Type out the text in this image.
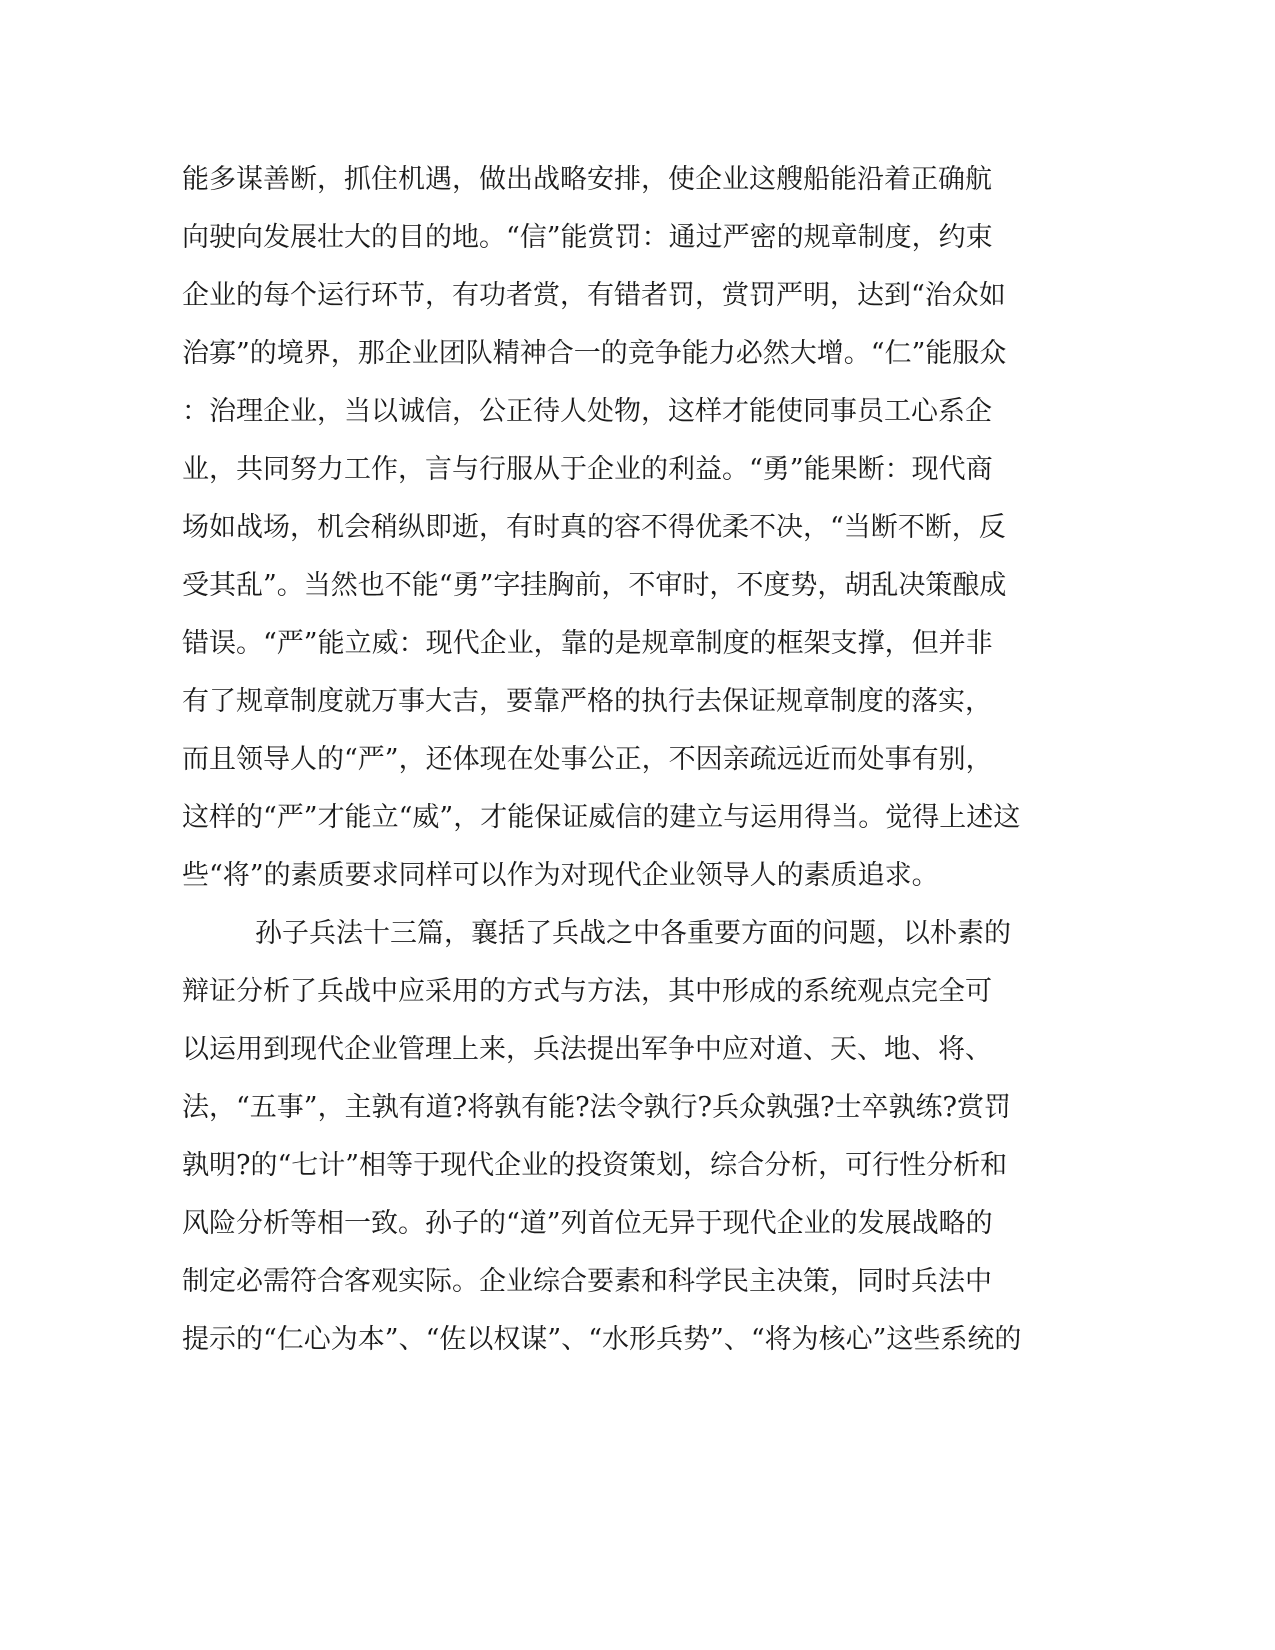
能多谋善断，抓住机遇，做出战略安排，使企业这艘船能沿着正确航
向驶向发展壮大的目的地。“信”能赏罚：通过严密的规章制度，约束
企业的每个运行环节，有功者赏，有错者罚，赏罚严明，达到“治众如
治寡”的境界，那企业团队精神合一的竞争能力必然大增。“仁”能服众
：治理企业，当以诚信，公正待人处物，这样才能使同事员工心系企
业，共同努力工作，言与行服从于企业的利益。“勇”能果断：现代商
场如战场，机会稍纵即逝，有时真的容不得优柔不决，“当断不断，反
受其乱”。当然也不能“勇”字挂胸前，不审时，不度势，胡乱决策酿成
错误。“严”能立威：现代企业，靠的是规章制度的框架支撑，但并非
有了规章制度就万事大吉，要靠严格的执行去保证规章制度的落实，
而且领导人的“严”，还体现在处事公正，不因亲疏远近而处事有别，
这样的“严”才能立“威”，才能保证威信的建立与运用得当。觉得上述这
些“将”的素质要求同样可以作为对现代企业领导人的素质追求。
孙子兵法十三篇，襄括了兵战之中各重要方面的问题，以朴素的
辩证分析了兵战中应采用的方式与方法，其中形成的系统观点完全可
以运用到现代企业管理上来，兵法提出军争中应对道、天、地、将、
法，“五事”，主孰有道?将孰有能?法令孰行?兵众孰强?士卒孰练?赏罚
孰明?的“七计”相等于现代企业的投资策划，综合分析，可行性分析和
风险分析等相一致。孙子的“道”列首位无异于现代企业的发展战略的
制定必需符合客观实际。企业综合要素和科学民主决策，同时兵法中
提示的“仁心为本”、“佐以权谋”、“水形兵势”、“将为核心”这些系统的
